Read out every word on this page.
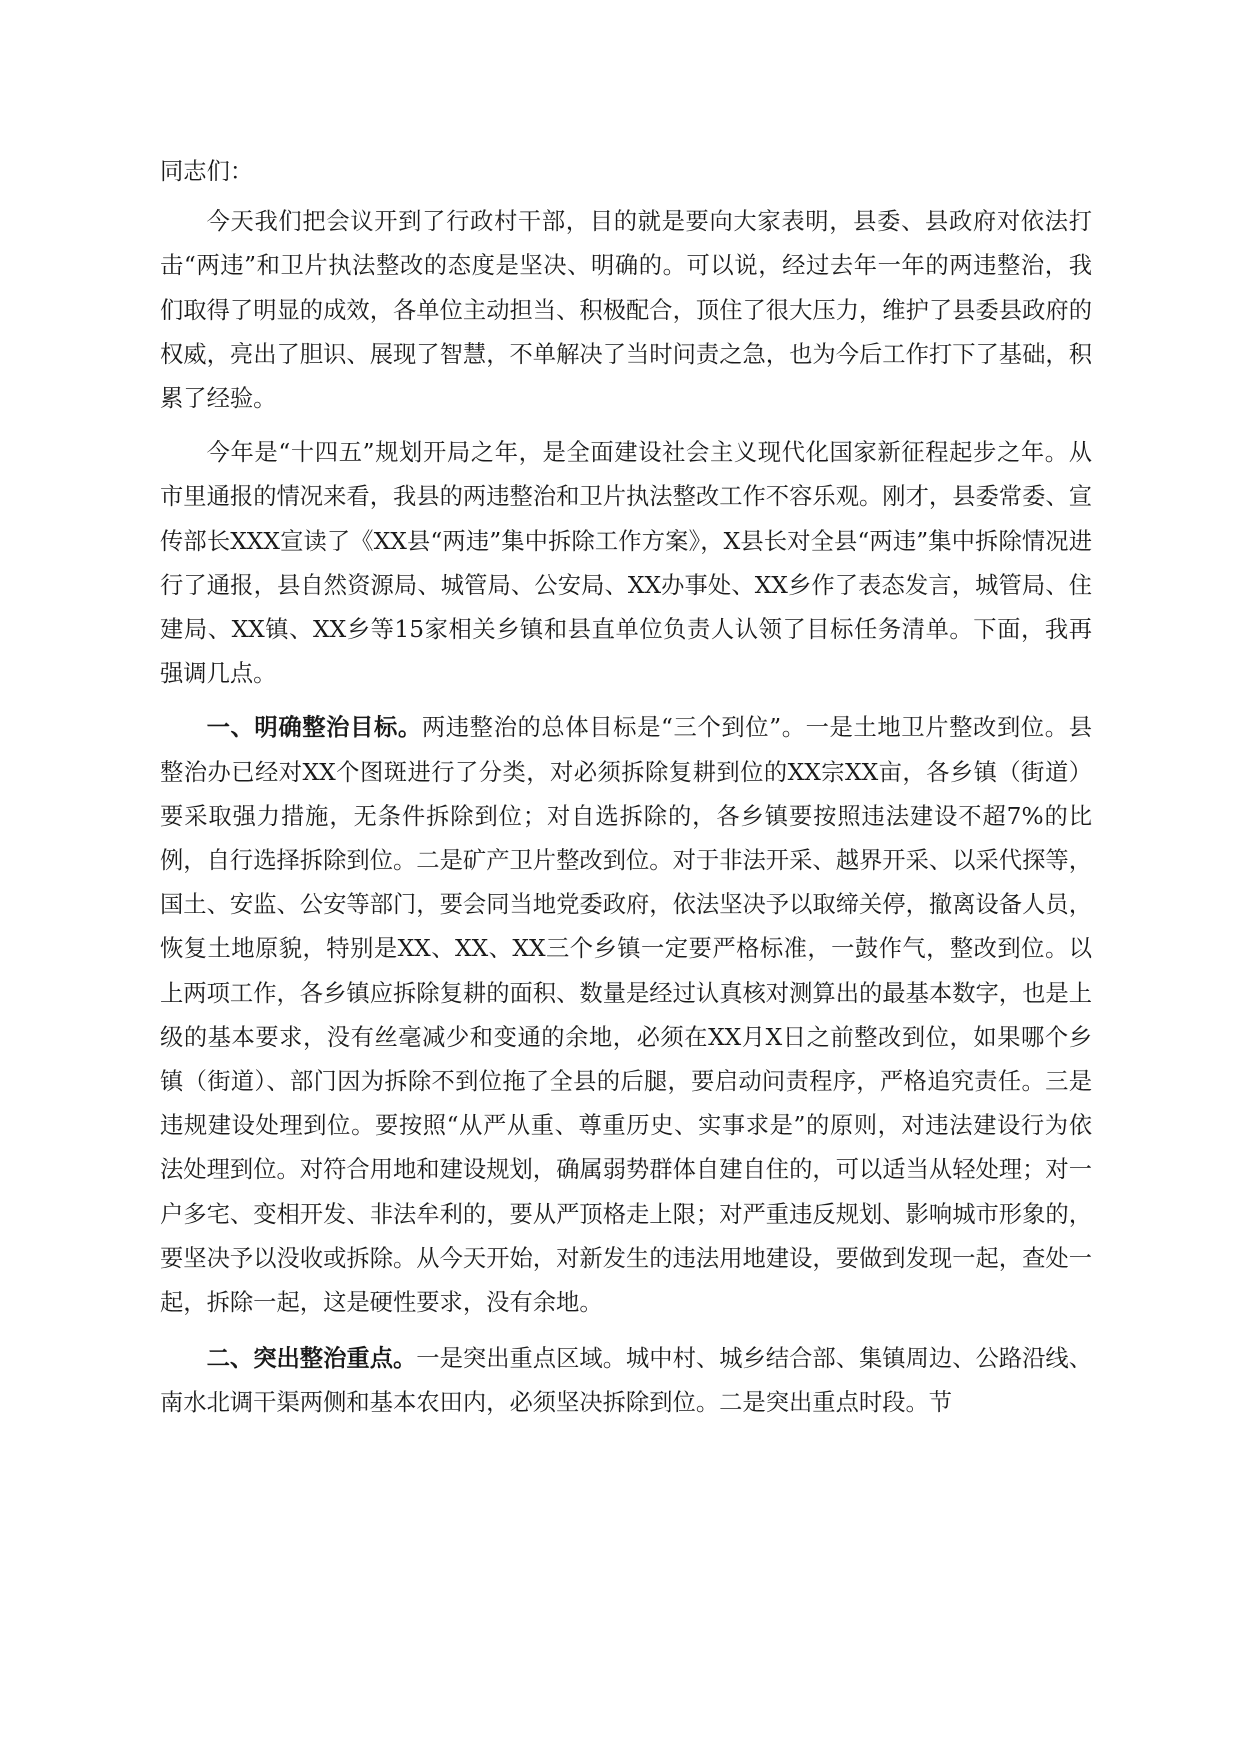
同志们：

今天我们把会议开到了行政村干部，目的就是要向大家表明，县委、县政府对依法打击“两违”和卫片执法整改的态度是坚决、明确的。可以说，经过去年一年的两违整治，我们取得了明显的成效，各单位主动担当、积极配合，顶住了很大压力，维护了县委县政府的权威，亮出了胆识、展现了智慧，不单解决了当时问责之急，也为今后工作打下了基础，积累了经验。

今年是“十四五”规划开局之年，是全面建设社会主义现代化国家新征程起步之年。从市里通报的情况来看，我县的两违整治和卫片执法整改工作不容乐观。刚才，县委常委、宣传部长XXX宣读了《XX县“两违”集中拆除工作方案》，X县长对全县“两违”集中拆除情况进行了通报，县自然资源局、城管局、公安局、XX办事处、XX乡作了表态发言，城管局、住建局、XX镇、XX乡等15家相关乡镇和县直单位负责人认领了目标任务清单。下面，我再强调几点。

一、明确整治目标。两违整治的总体目标是“三个到位”。一是土地卫片整改到位。县整治办已经对XX个图斑进行了分类，对必须拆除复耕到位的XX宗XX亩，各乡镇（街道）要采取强力措施，无条件拆除到位；对自选拆除的，各乡镇要按照违法建设不超7%的比例，自行选择拆除到位。二是矿产卫片整改到位。对于非法开采、越界开采、以采代探等，国土、安监、公安等部门，要会同当地党委政府，依法坚决予以取缔关停，撤离设备人员，恢复土地原貌，特别是XX、XX、XX三个乡镇一定要严格标准，一鼓作气，整改到位。以上两项工作，各乡镇应拆除复耕的面积、数量是经过认真核对测算出的最基本数字，也是上级的基本要求，没有丝毫减少和变通的余地，必须在XX月X日之前整改到位，如果哪个乡镇（街道）、部门因为拆除不到位拖了全县的后腿，要启动问责程序，严格追究责任。三是违规建设处理到位。要按照“从严从重、尊重历史、实事求是”的原则，对违法建设行为依法处理到位。对符合用地和建设规划，确属弱势群体自建自住的，可以适当从轻处理；对一户多宅、变相开发、非法牟利的，要从严顶格走上限；对严重违反规划、影响城市形象的，要坚决予以没收或拆除。从今天开始，对新发生的违法用地建设，要做到发现一起，查处一起，拆除一起，这是硬性要求，没有余地。

二、突出整治重点。一是突出重点区域。城中村、城乡结合部、集镇周边、公路沿线、南水北调干渠两侧和基本农田内，必须坚决拆除到位。二是突出重点时段。节
